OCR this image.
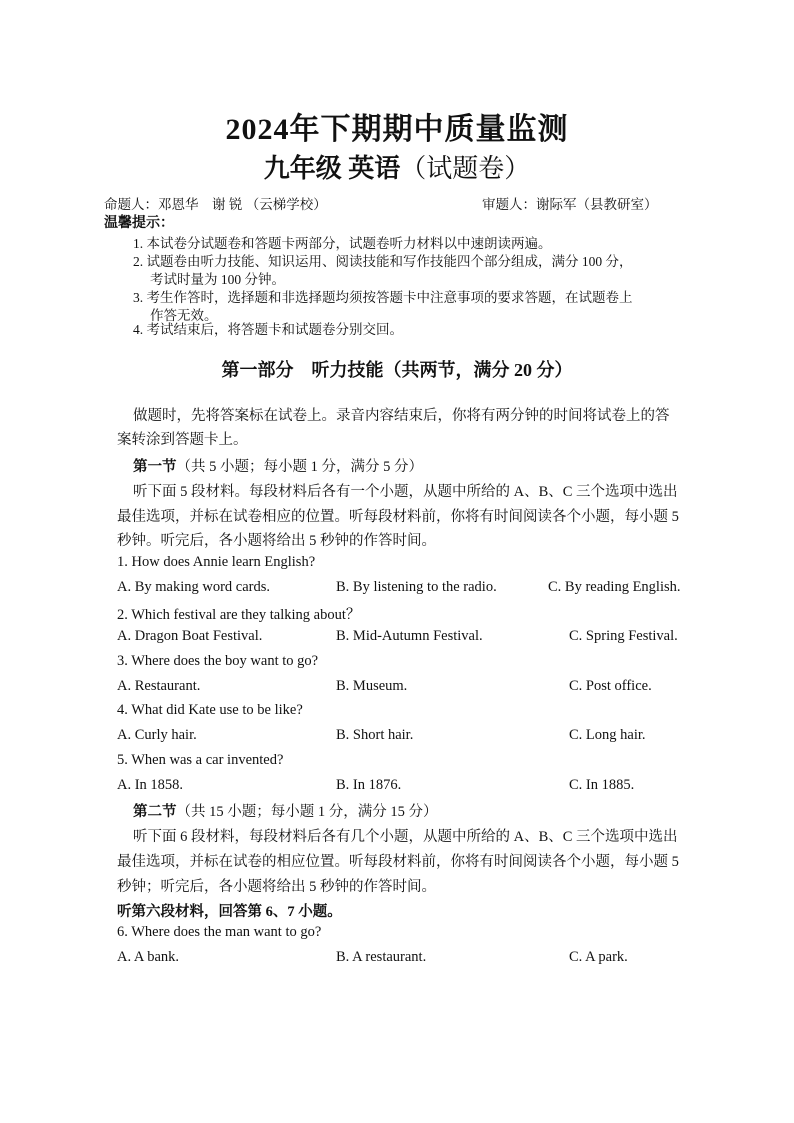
2024年下期期中质量监测
九年级 英语（试题卷）
命题人：邓恩华　谢 锐 （云梯学校）	审题人：谢际军（县教研室）
温馨提示：
1. 本试卷分试题卷和答题卡两部分，试题卷听力材料以中速朗读两遍。
2. 试题卷由听力技能、知识运用、阅读技能和写作技能四个部分组成，满分 100 分，
考试时量为 100 分钟。
3. 考生作答时，选择题和非选择题均须按答题卡中注意事项的要求答题，在试题卷上
作答无效。
4. 考试结束后，将答题卡和试题卷分别交回。
第一部分　听力技能（共两节，满分 20 分）
做题时，先将答案标在试卷上。录音内容结束后，你将有两分钟的时间将试卷上的答
案转涂到答题卡上。
第一节（共 5 小题；每小题 1 分，满分 5 分）
听下面 5 段材料。每段材料后各有一个小题，从题中所给的 A、B、C 三个选项中选出
最佳选项，并标在试卷相应的位置。听每段材料前，你将有时间阅读各个小题，每小题 5
秒钟。听完后，各小题将给出 5 秒钟的作答时间。
1. How does Annie learn English?
A. By making word cards.	B. By listening to the radio.	C. By reading English.
2. Which festival are they talking about？
A. Dragon Boat Festival.	B. Mid-Autumn Festival.	C. Spring Festival.
3. Where does the boy want to go?
A. Restaurant.	B. Museum.	C. Post office.
4. What did Kate use to be like?
A. Curly hair.	B. Short hair.	C. Long hair.
5. When was a car invented?
A. In 1858.	B. In 1876.	C. In 1885.
第二节（共 15 小题；每小题 1 分，满分 15 分）
听下面 6 段材料，每段材料后各有几个小题，从题中所给的 A、B、C 三个选项中选出
最佳选项，并标在试卷的相应位置。听每段材料前，你将有时间阅读各个小题，每小题 5
秒钟；听完后，各小题将给出 5 秒钟的作答时间。
听第六段材料，回答第 6、7 小题。
6. Where does the man want to go?
A. A bank.	B. A restaurant.	C. A park.
